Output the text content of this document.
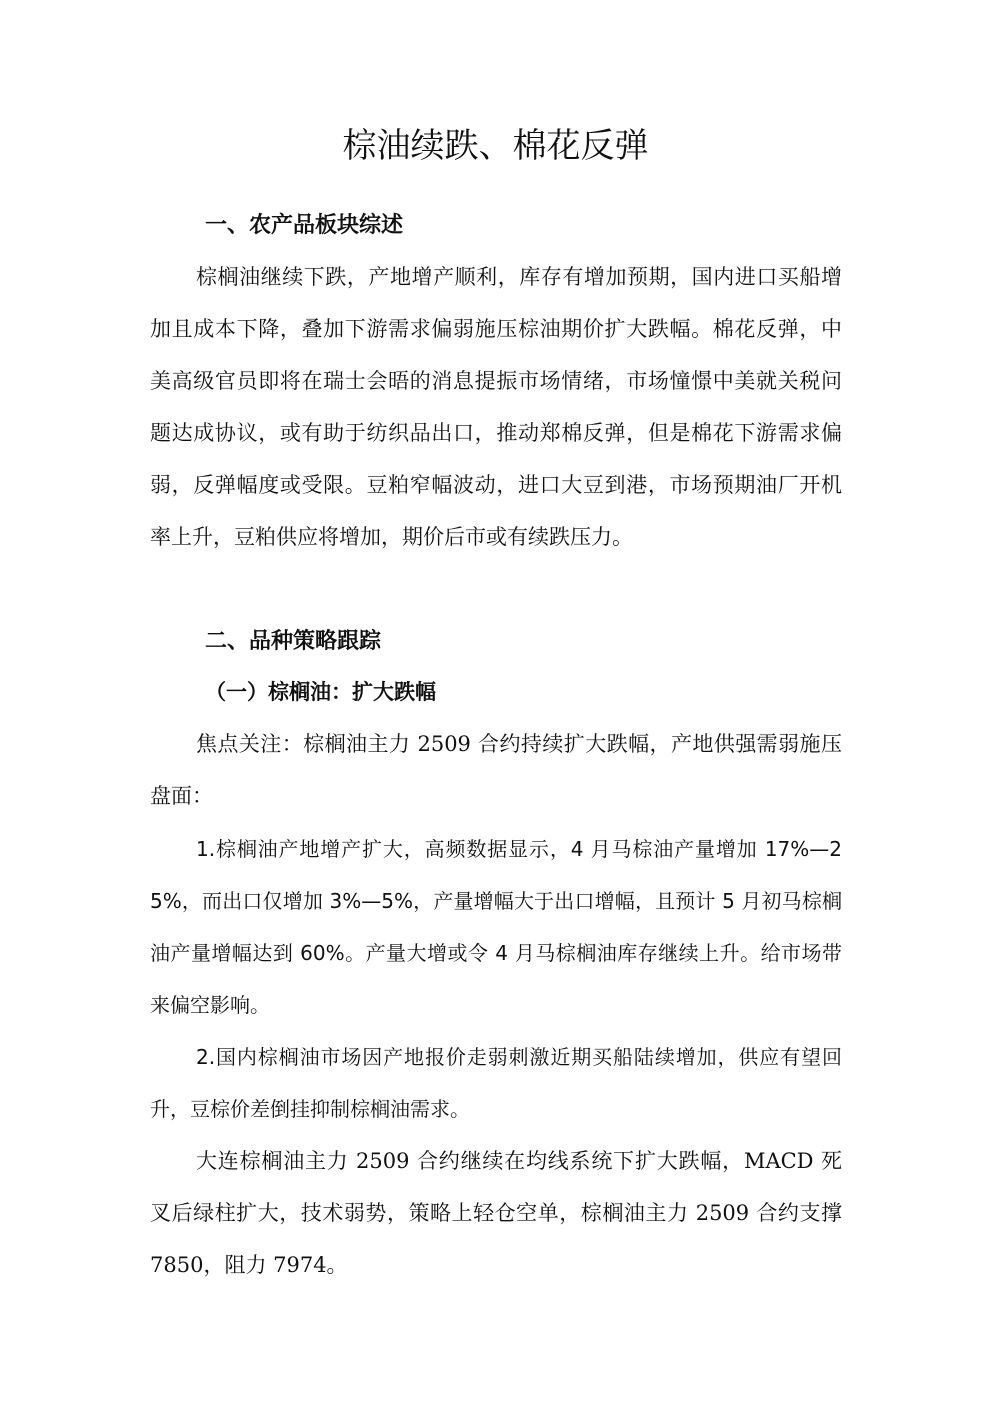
棕油续跌、棉花反弹
一、农产品板块综述

棕榈油继续下跌，产地增产顺利，库存有增加预期，国内进口买船增加且成本下降，叠加下游需求偏弱施压棕油期价扩大跌幅。棉花反弹，中美高级官员即将在瑞士会晤的消息提振市场情绪，市场憧憬中美就关税问题达成协议，或有助于纺织品出口，推动郑棉反弹，但是棉花下游需求偏弱，反弹幅度或受限。豆粕窄幅波动，进口大豆到港，市场预期油厂开机率上升，豆粕供应将增加，期价后市或有续跌压力。

二、品种策略跟踪
（一）棕榈油：扩大跌幅

焦点关注：棕榈油主力 2509 合约持续扩大跌幅，产地供强需弱施压盘面：

1.棕榈油产地增产扩大，高频数据显示，4 月马棕油产量增加 17%—25%，而出口仅增加 3%—5%，产量增幅大于出口增幅，且预计 5 月初马棕榈油产量增幅达到 60%。产量大增或令 4 月马棕榈油库存继续上升。给市场带来偏空影响。

2.国内棕榈油市场因产地报价走弱刺激近期买船陆续增加，供应有望回升，豆棕价差倒挂抑制棕榈油需求。

大连棕榈油主力 2509 合约继续在均线系统下扩大跌幅，MACD 死叉后绿柱扩大，技术弱势，策略上轻仓空单，棕榈油主力 2509 合约支撑 7850，阻力 7974。
